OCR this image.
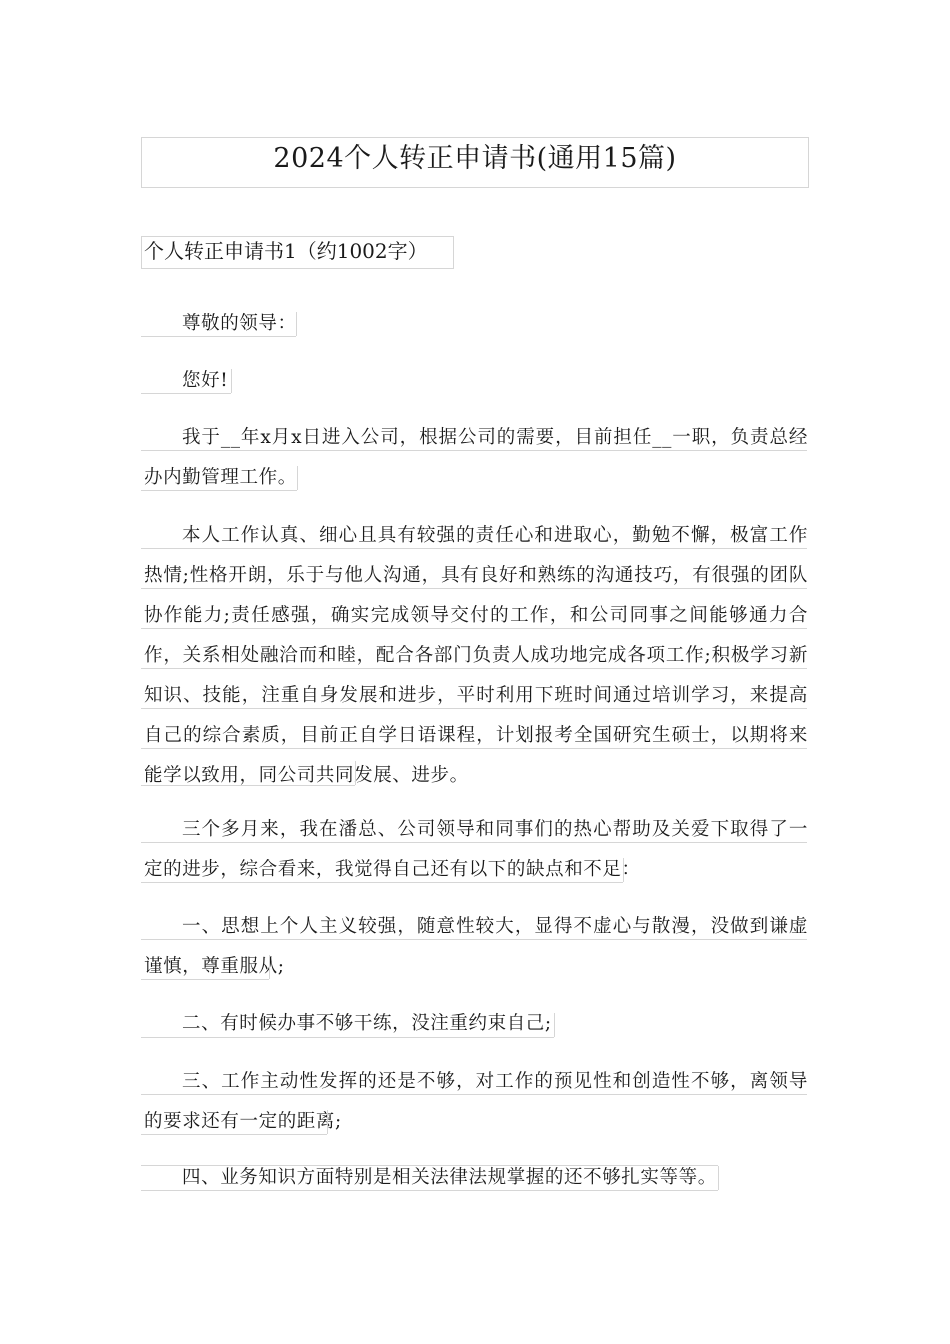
2024个人转正申请书(通用15篇)
个人转正申请书1（约1002字）
尊敬的领导：
您好!
我于__年x月x日进入公司，根据公司的需要，目前担任__一职，负责总经办内勤管理工作。
本人工作认真、细心且具有较强的责任心和进取心，勤勉不懈，极富工作热情;性格开朗，乐于与他人沟通，具有良好和熟练的沟通技巧，有很强的团队协作能力;责任感强，确实完成领导交付的工作，和公司同事之间能够通力合作，关系相处融洽而和睦，配合各部门负责人成功地完成各项工作;积极学习新知识、技能，注重自身发展和进步，平时利用下班时间通过培训学习，来提高自己的综合素质，目前正自学日语课程，计划报考全国研究生硕士，以期将来能学以致用，同公司共同发展、进步。
三个多月来，我在潘总、公司领导和同事们的热心帮助及关爱下取得了一定的进步，综合看来，我觉得自己还有以下的缺点和不足：
一、思想上个人主义较强，随意性较大，显得不虚心与散漫，没做到谦虚谨慎，尊重服从;
二、有时候办事不够干练，没注重约束自己;
三、工作主动性发挥的还是不够，对工作的预见性和创造性不够，离领导的要求还有一定的距离;
四、业务知识方面特别是相关法律法规掌握的还不够扎实等等。
